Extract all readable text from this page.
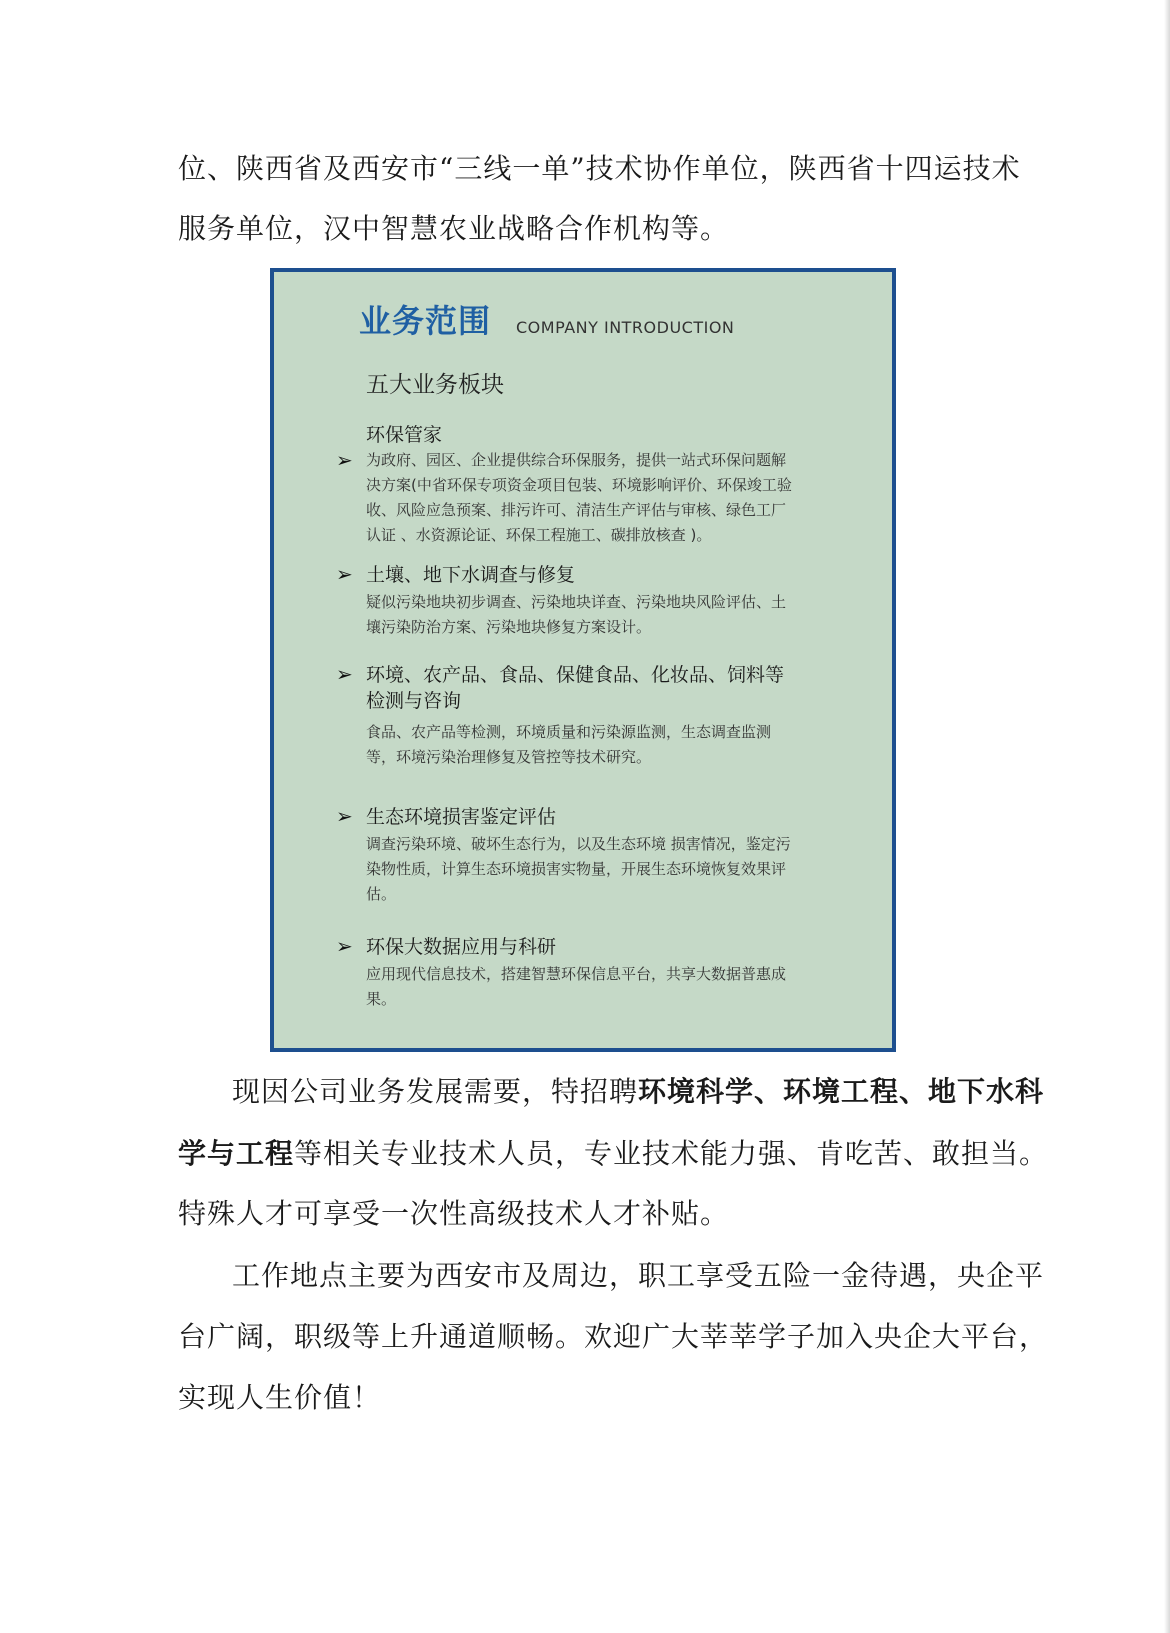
位、陕西省及西安市“三线一单”技术协作单位，陕西省十四运技术
服务单位，汉中智慧农业战略合作机构等。
业务范围 COMPANY INTRODUCTION
五大业务板块
环保管家
➢ 为政府、园区、企业提供综合环保服务，提供一站式环保问题解
决方案(中省环保专项资金项目包装、环境影响评价、环保竣工验
收、风险应急预案、排污许可、清洁生产评估与审核、绿色工厂
认证 、水资源论证、环保工程施工、碳排放核查 )。
➢ 土壤、地下水调查与修复
疑似污染地块初步调查、污染地块详查、污染地块风险评估、土
壤污染防治方案、污染地块修复方案设计。
➢ 环境、农产品、食品、保健食品、化妆品、饲料等
检测与咨询
食品、农产品等检测，环境质量和污染源监测，生态调查监测
等，环境污染治理修复及管控等技术研究。
➢ 生态环境损害鉴定评估
调查污染环境、破坏生态行为，以及生态环境 损害情况，鉴定污
染物性质，计算生态环境损害实物量，开展生态环境恢复效果评
估。
➢ 环保大数据应用与科研
应用现代信息技术，搭建智慧环保信息平台，共享大数据普惠成
果。
现因公司业务发展需要，特招聘环境科学、环境工程、地下水科
学与工程等相关专业技术人员，专业技术能力强、肯吃苦、敢担当。
特殊人才可享受一次性高级技术人才补贴。
工作地点主要为西安市及周边，职工享受五险一金待遇，央企平
台广阔，职级等上升通道顺畅。欢迎广大莘莘学子加入央企大平台，
实现人生价值！
